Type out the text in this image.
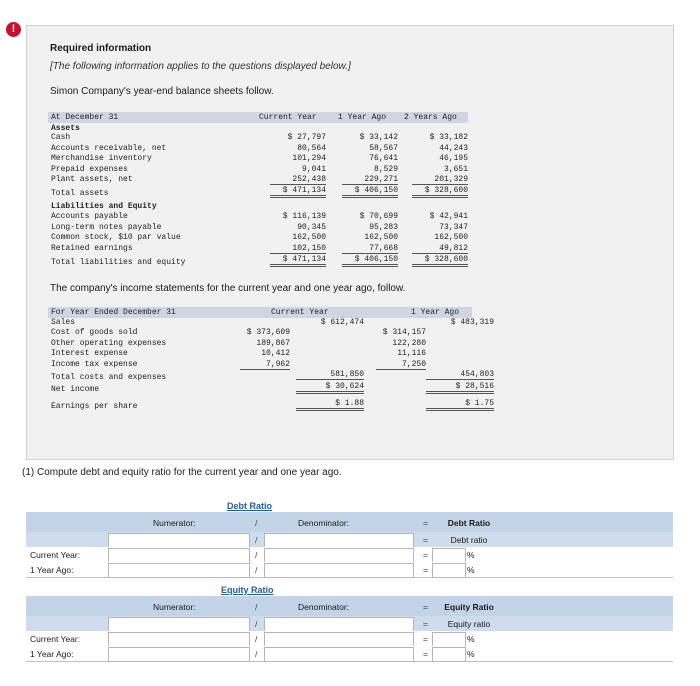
!
Required information
[The following information applies to the questions displayed below.]
Simon Company's year-end balance sheets follow.
At December 31	Current Year	1 Year Ago 2 Years Ago
Assets
Cash	$ 27,797	$ 33,142	$ 33,182
Accounts receivable, net	80,564	58,567	44,243
Merchandise inventory	101,294	76,641	46,195
Prepaid expenses	9,041	8,529	3,651
Plant assets, net	252,438	229,271	201,329
Total assets	$ 471,134	$ 406,150	$ 328,600
Liabilities and Equity
Accounts payable	$ 116,139	$ 70,699	$ 42,941
Long-term notes payable	90,345	95,283	73,347
Common stock, $10 par value	162,500	162,500	162,500
Retained earnings	102,150	77,668	49,812
Total liabilities and equity	$ 471,134	$ 406,150	$ 328,600
The company's income statements for the current year and one year ago, follow.
For Year Ended December 31	Current Year	1 Year Ago
Sales	$ 612,474	$ 483,319
Cost of goods sold	$ 373,609	$ 314,157
Other operating expenses	189,867	122,280
Interest expense	10,412	11,116
Income tax expense	7,962	7,250
Total costs and expenses	581,850	454,803
Net income	$ 30,624	$ 28,516
Earnings per share	$ 1.88	$ 1.75
(1) Compute debt and equity ratio for the current year and one year ago.
Debt Ratio
Numerator:	/	Denominator:	=	Debt Ratio
/	=	Debt ratio
Current Year:	/	=	%
1 Year Ago:	/	=	%
Equity Ratio
Numerator:	/	Denominator:	=	Equity Ratio
/	=	Equity ratio
Current Year:	/	=	%
1 Year Ago:	/	=	%
